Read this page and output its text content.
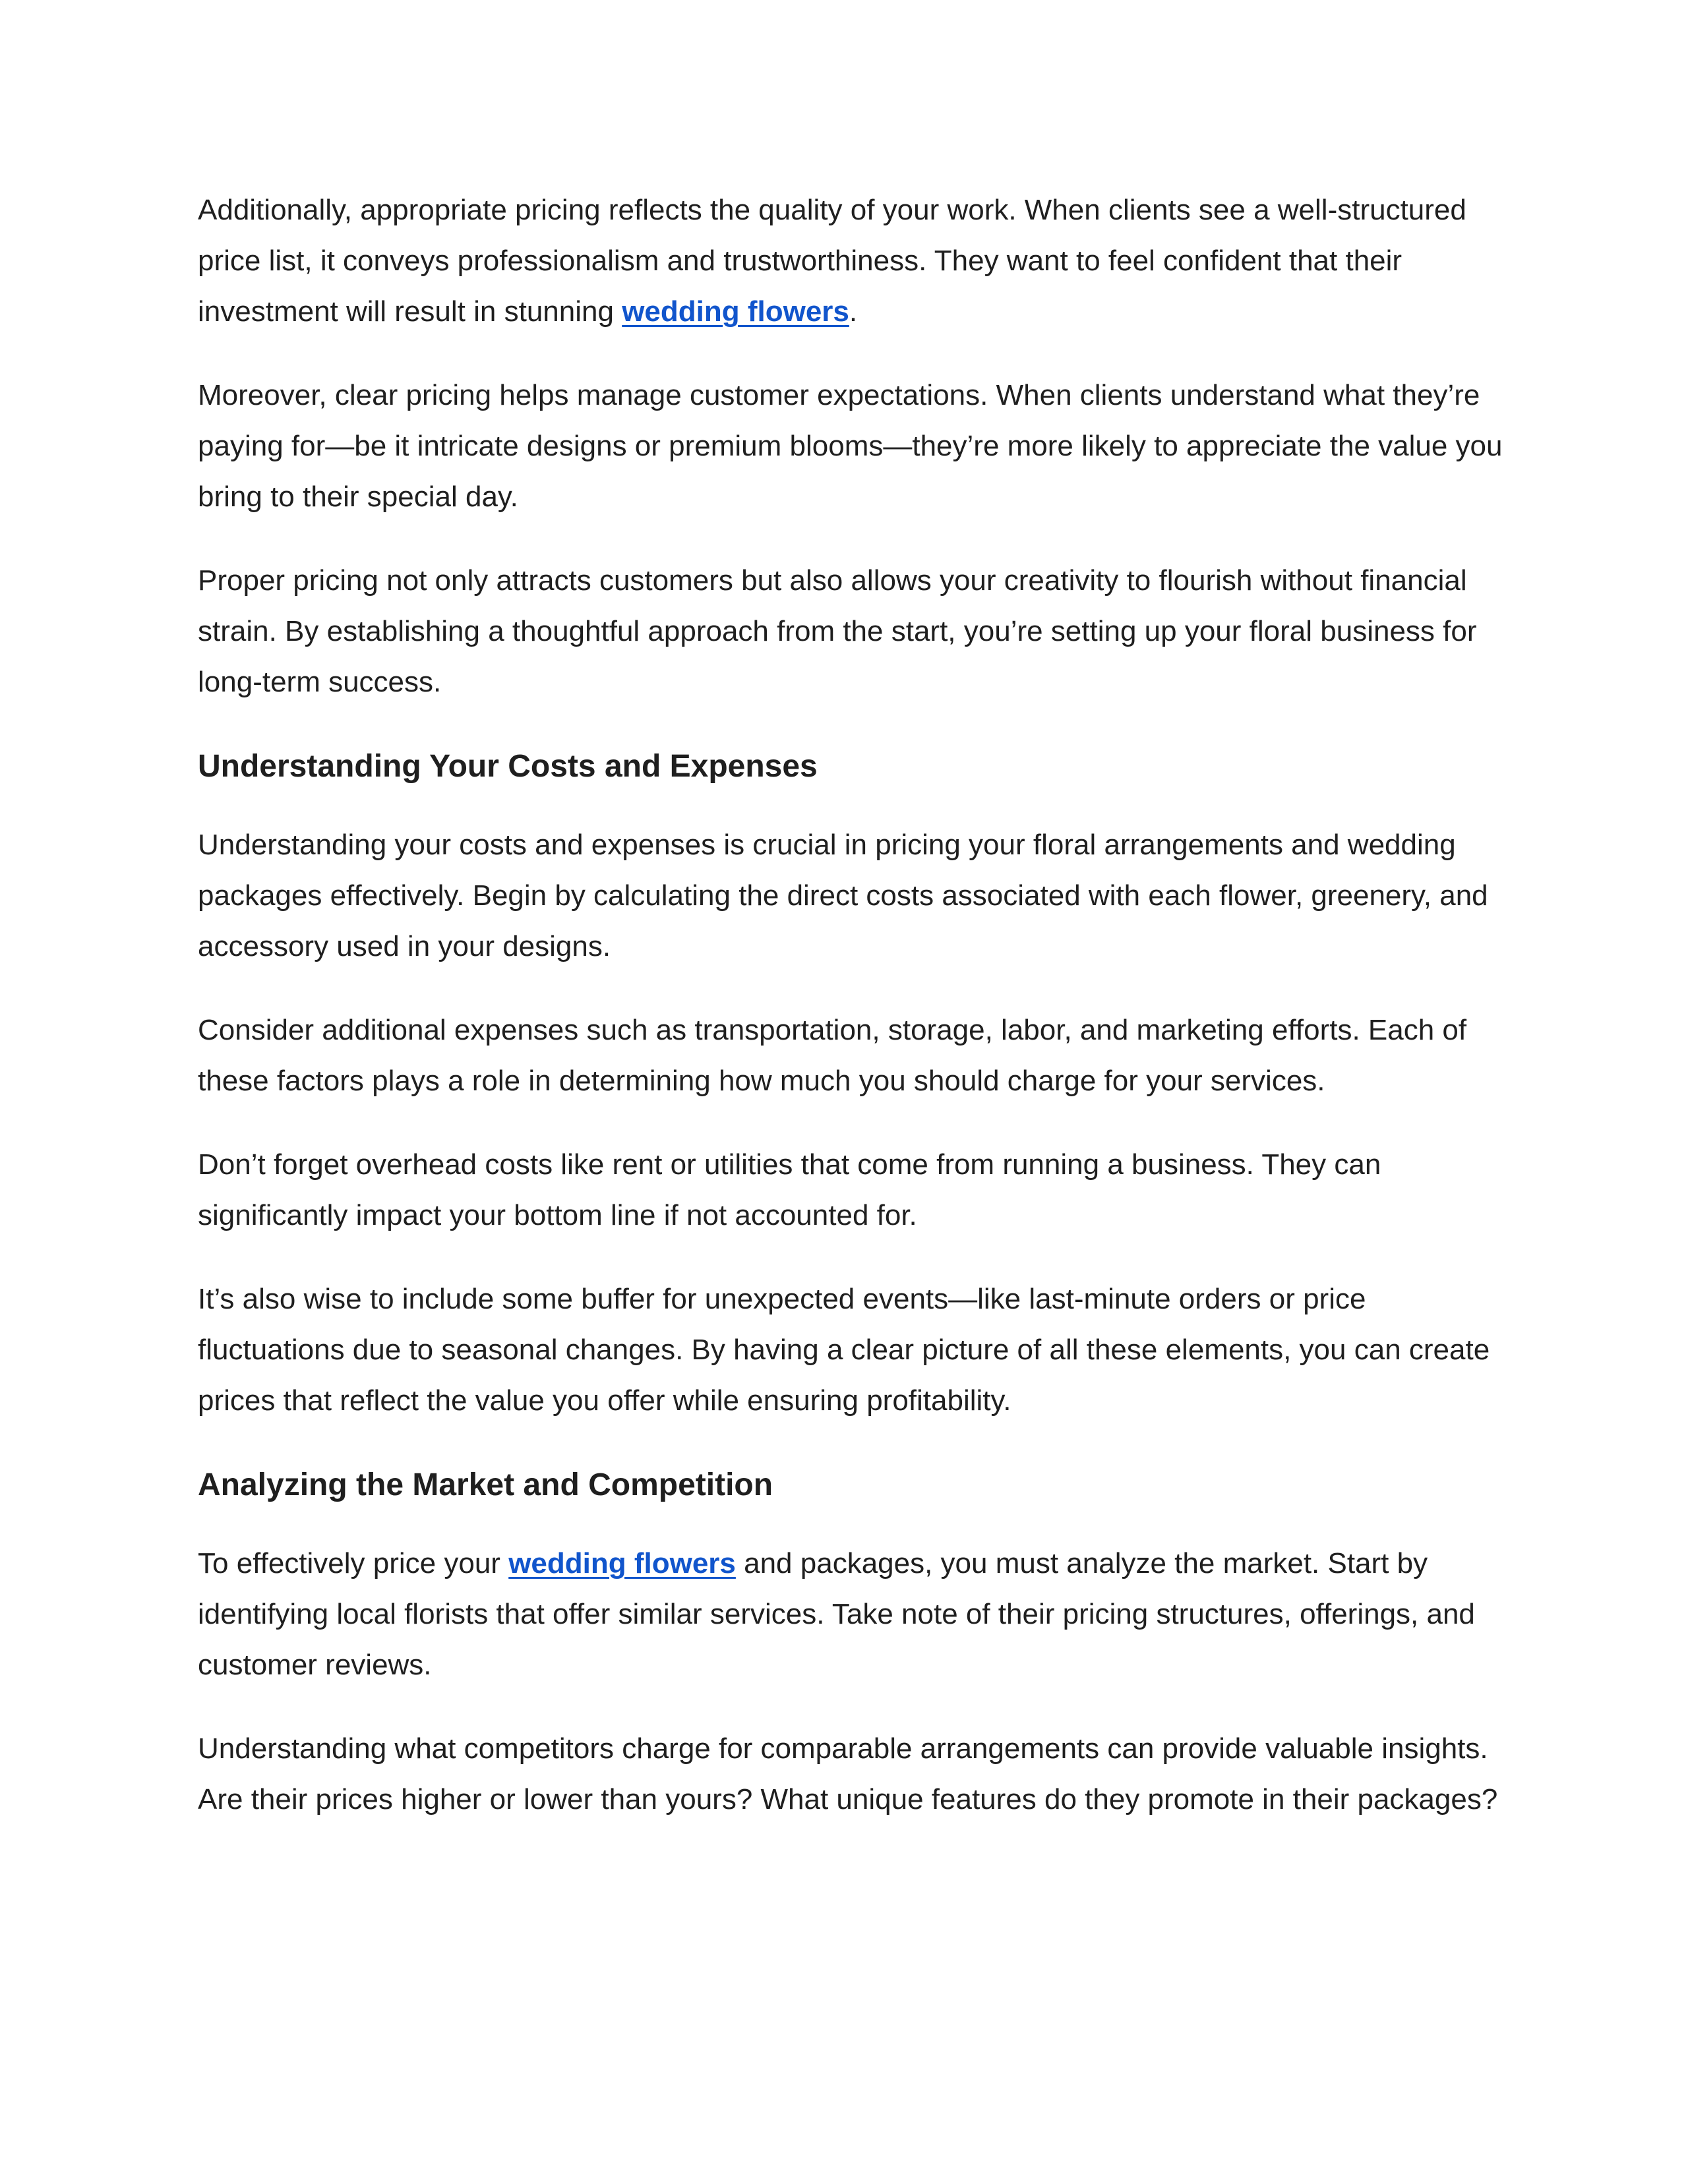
Additionally, appropriate pricing reflects the quality of your work. When clients see a well-structured price list, it conveys professionalism and trustworthiness. They want to feel confident that their investment will result in stunning wedding flowers.

Moreover, clear pricing helps manage customer expectations. When clients understand what they’re paying for—be it intricate designs or premium blooms—they’re more likely to appreciate the value you bring to their special day.

Proper pricing not only attracts customers but also allows your creativity to flourish without financial strain. By establishing a thoughtful approach from the start, you’re setting up your floral business for long-term success.

Understanding Your Costs and Expenses

Understanding your costs and expenses is crucial in pricing your floral arrangements and wedding packages effectively. Begin by calculating the direct costs associated with each flower, greenery, and accessory used in your designs.

Consider additional expenses such as transportation, storage, labor, and marketing efforts. Each of these factors plays a role in determining how much you should charge for your services.

Don’t forget overhead costs like rent or utilities that come from running a business. They can significantly impact your bottom line if not accounted for.

It’s also wise to include some buffer for unexpected events—like last-minute orders or price fluctuations due to seasonal changes. By having a clear picture of all these elements, you can create prices that reflect the value you offer while ensuring profitability.

Analyzing the Market and Competition

To effectively price your wedding flowers and packages, you must analyze the market. Start by identifying local florists that offer similar services. Take note of their pricing structures, offerings, and customer reviews.

Understanding what competitors charge for comparable arrangements can provide valuable insights. Are their prices higher or lower than yours? What unique features do they promote in their packages?
